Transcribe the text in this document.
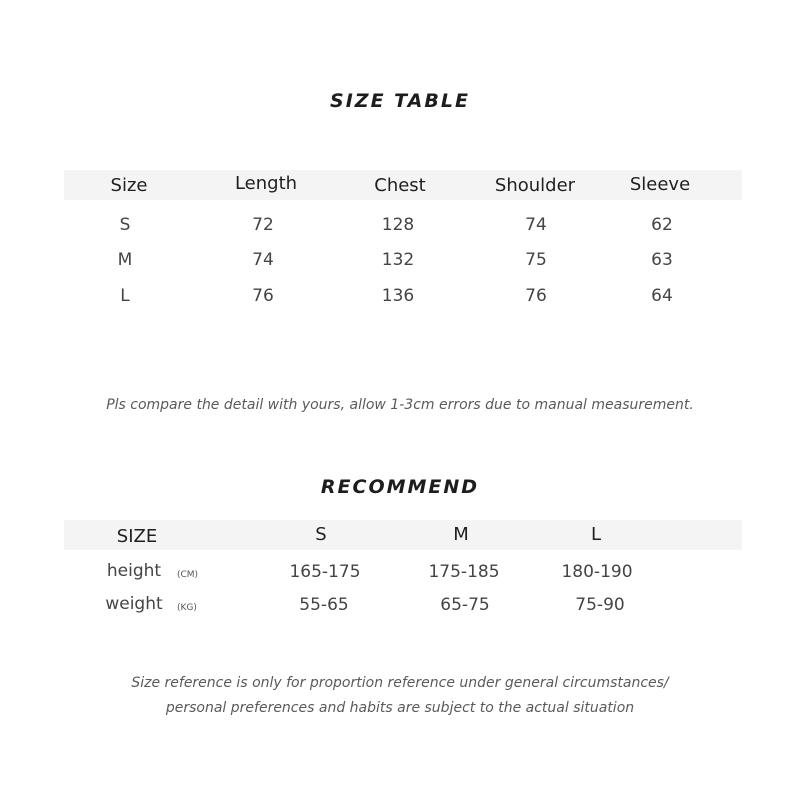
SIZE TABLE
Size	Length	Chest	Shoulder	Sleeve
S	72	128	74	62
M	74	132	75	63
L	76	136	76	64

Pls compare the detail with yours, allow 1-3cm errors due to manual measurement.

RECOMMEND
SIZE	S	M	L
height (CM)	165-175	175-185	180-190
weight (KG)	55-65	65-75	75-90

Size reference is only for proportion reference under general circumstances/

personal preferences and habits are subject to the actual situation
